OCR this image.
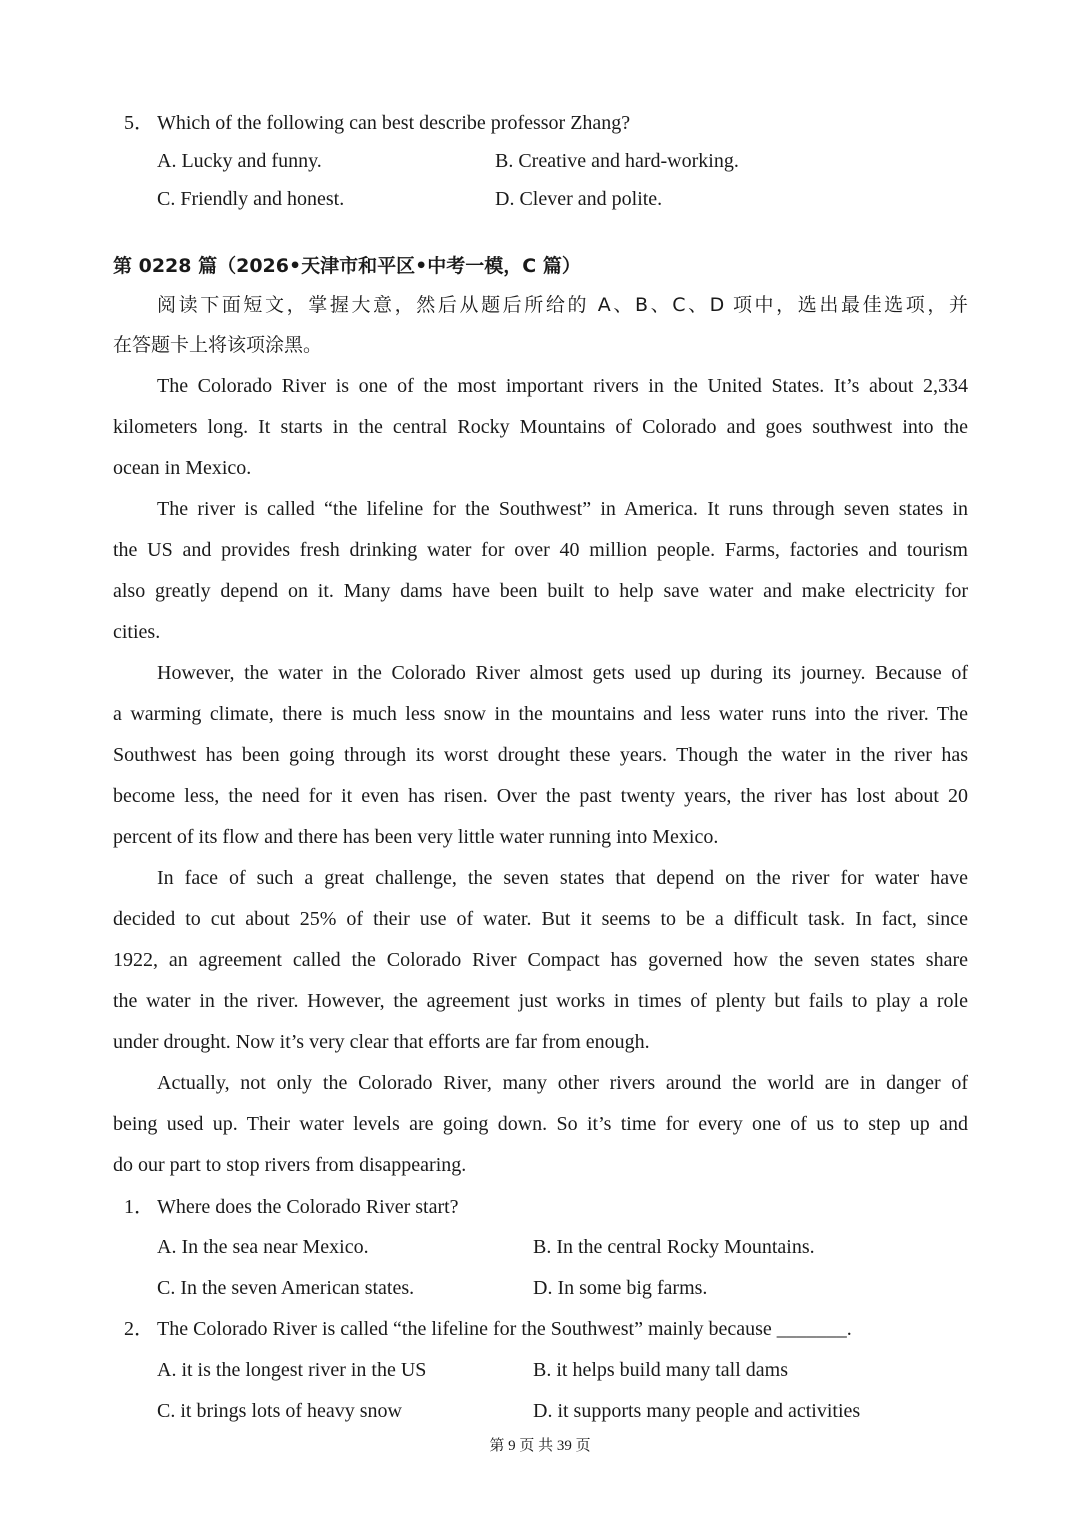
5． Which of the following can best describe professor Zhang?
A. Lucky and funny.	B. Creative and hard-working.
C. Friendly and honest.	D. Clever and polite.
第 0228 篇（2026•天津市和平区•中考一模，C 篇）
阅读下面短文，掌握大意，然后从题后所给的 A、B、C、D 项中，选出最佳选项，并
在答题卡上将该项涂黑。
The Colorado River is one of the most important rivers in the United States. It’s about 2,334
kilometers long. It starts in the central Rocky Mountains of Colorado and goes southwest into the
ocean in Mexico.
The river is called “the lifeline for the Southwest” in America. It runs through seven states in
the US and provides fresh drinking water for over 40 million people. Farms, factories and tourism
also greatly depend on it. Many dams have been built to help save water and make electricity for
cities.
However, the water in the Colorado River almost gets used up during its journey. Because of
a warming climate, there is much less snow in the mountains and less water runs into the river. The
Southwest has been going through its worst drought these years. Though the water in the river has
become less, the need for it even has risen. Over the past twenty years, the river has lost about 20
percent of its flow and there has been very little water running into Mexico.
In face of such a great challenge, the seven states that depend on the river for water have
decided to cut about 25% of their use of water. But it seems to be a difficult task. In fact, since
1922, an agreement called the Colorado River Compact has governed how the seven states share
the water in the river. However, the agreement just works in times of plenty but fails to play a role
under drought. Now it’s very clear that efforts are far from enough.
Actually, not only the Colorado River, many other rivers around the world are in danger of
being used up. Their water levels are going down. So it’s time for every one of us to step up and
do our part to stop rivers from disappearing.
1． Where does the Colorado River start?
A. In the sea near Mexico.	B. In the central Rocky Mountains.
C. In the seven American states.	D. In some big farms.
2． The Colorado River is called “the lifeline for the Southwest” mainly because _______.
A. it is the longest river in the US	B. it helps build many tall dams
C. it brings lots of heavy snow	D. it supports many people and activities
第 9 页 共 39 页
